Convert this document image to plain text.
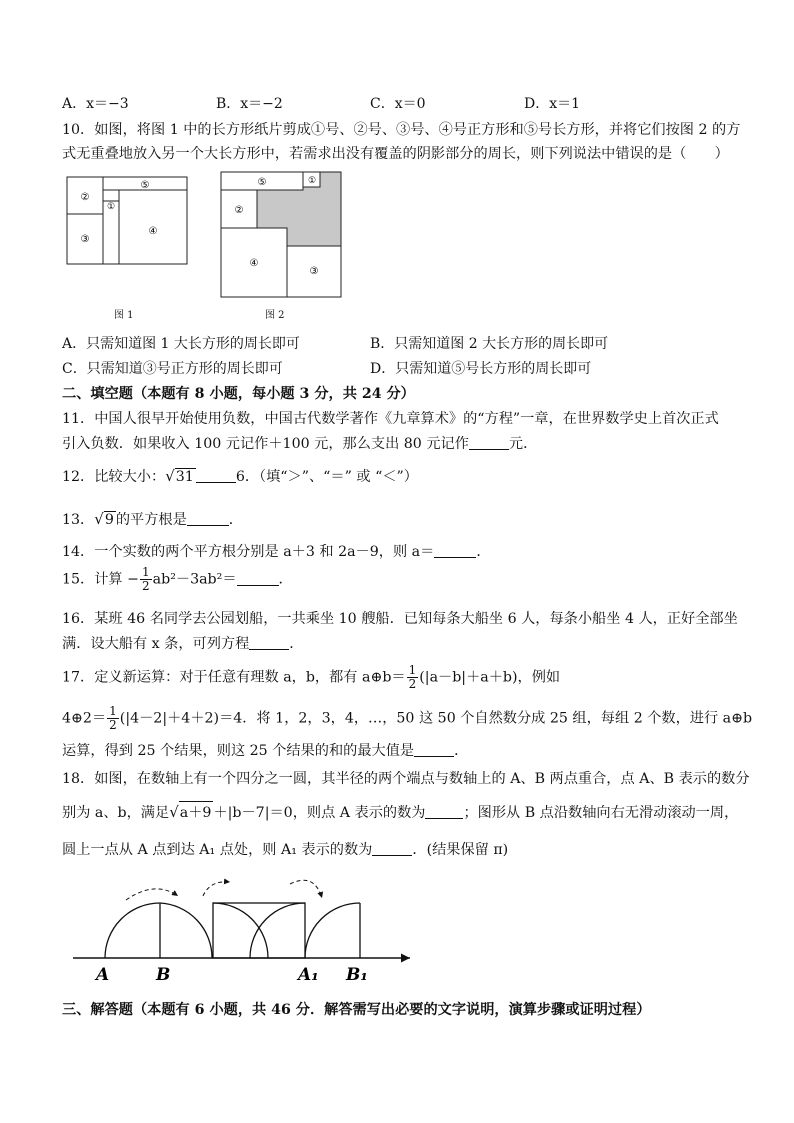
A．x＝−3	B．x＝−2	C．x＝0	D．x＝1
10．如图，将图 1 中的长方形纸片剪成①号、②号、③号、④号正方形和⑤号长方形，并将它们按图 2 的方
式无重叠地放入另一个大长方形中，若需求出没有覆盖的阴影部分的周长，则下列说法中错误的是（　　）
②
⑤
①
③
④
图 1
⑤	①
②
④
③
图 2
A．只需知道图 1 大长方形的周长即可	B．只需知道图 2 大长方形的周长即可
C．只需知道③号正方形的周长即可	D．只需知道⑤号长方形的周长即可
二、填空题（本题有 8 小题，每小题 3 分，共 24 分）
11．中国人很早开始使用负数，中国古代数学著作《九章算术》的“方程”一章，在世界数学史上首次正式
引入负数．如果收入 100 元记作＋100 元，那么支出 80 元记作	元．
12．比较大小：√31	6．（填“＞”、“＝” 或 “＜”）
13．√9 的平方根是	．
14．一个实数的两个平方根分别是 a＋3 和 2a－9，则 a＝	．
15．计算 − $\frac{1}{2} ab^2-3ab^2=$	．
16．某班 46 名同学去公园划船，一共乘坐 10 艘船．已知每条大船坐 6 人，每条小船坐 4 人，正好全部坐
满．设大船有 x 条，可列方程	．
17．定义新运算：对于任意有理数 a，b，都有 a⊕b＝ $\frac{1}{2} (|a-b|+a+b)$，例如
4⊕2＝ $\frac{1}{2} (|4-2|+4+2)=4$．将 1，2，3，4，…，50 这 50 个自然数分成 25 组，每组 2 个数，进行 a⊕b
运算，得到 25 个结果，则这 25 个结果的和的最大值是	．
18．如图，在数轴上有一个四分之一圆，其半径的两个端点与数轴上的 A、B 两点重合，点 A、B 表示的数分
别为 a、b，满足√a＋9 ＋|b－7|＝0，则点 A 表示的数为	；图形从 B 点沿数轴向右无滑动滚动一周，
圆上一点从 A 点到达 A₁ 点处，则 A₁ 表示的数为	．(结果保留 π)
A	B	A₁ B₁
三、解答题（本题有 6 小题，共 46 分．解答需写出必要的文字说明，演算步骤或证明过程）
